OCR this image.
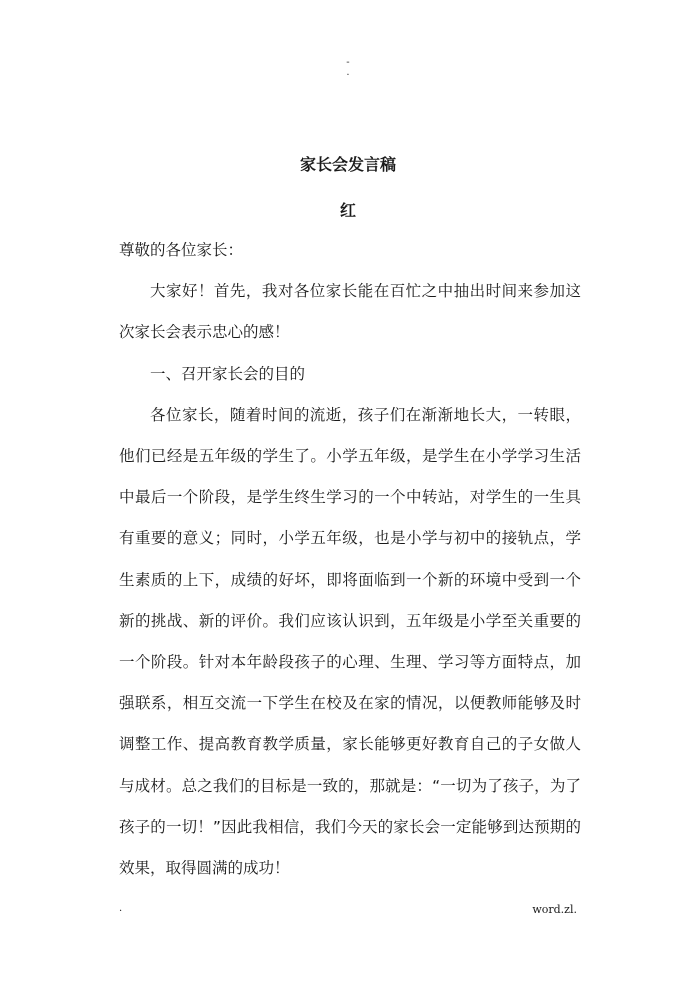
-
.
家长会发言稿
红

尊敬的各位家长：

大家好！首先，我对各位家长能在百忙之中抽出时间来参加这次家长会表示忠心的感！

一、召开家长会的目的

各位家长，随着时间的流逝，孩子们在渐渐地长大，一转眼，他们已经是五年级的学生了。小学五年级，是学生在小学学习生活中最后一个阶段，是学生终生学习的一个中转站，对学生的一生具有重要的意义；同时，小学五年级，也是小学与初中的接轨点，学生素质的上下，成绩的好坏，即将面临到一个新的环境中受到一个新的挑战、新的评价。我们应该认识到，五年级是小学至关重要的一个阶段。针对本年龄段孩子的心理、生理、学习等方面特点，加强联系，相互交流一下学生在校及在家的情况，以便教师能够及时调整工作、提高教育教学质量，家长能够更好教育自己的子女做人与成材。总之我们的目标是一致的，那就是：“一切为了孩子，为了孩子的一切！”因此我相信，我们今天的家长会一定能够到达预期的效果，取得圆满的成功！

.	word.zl.
